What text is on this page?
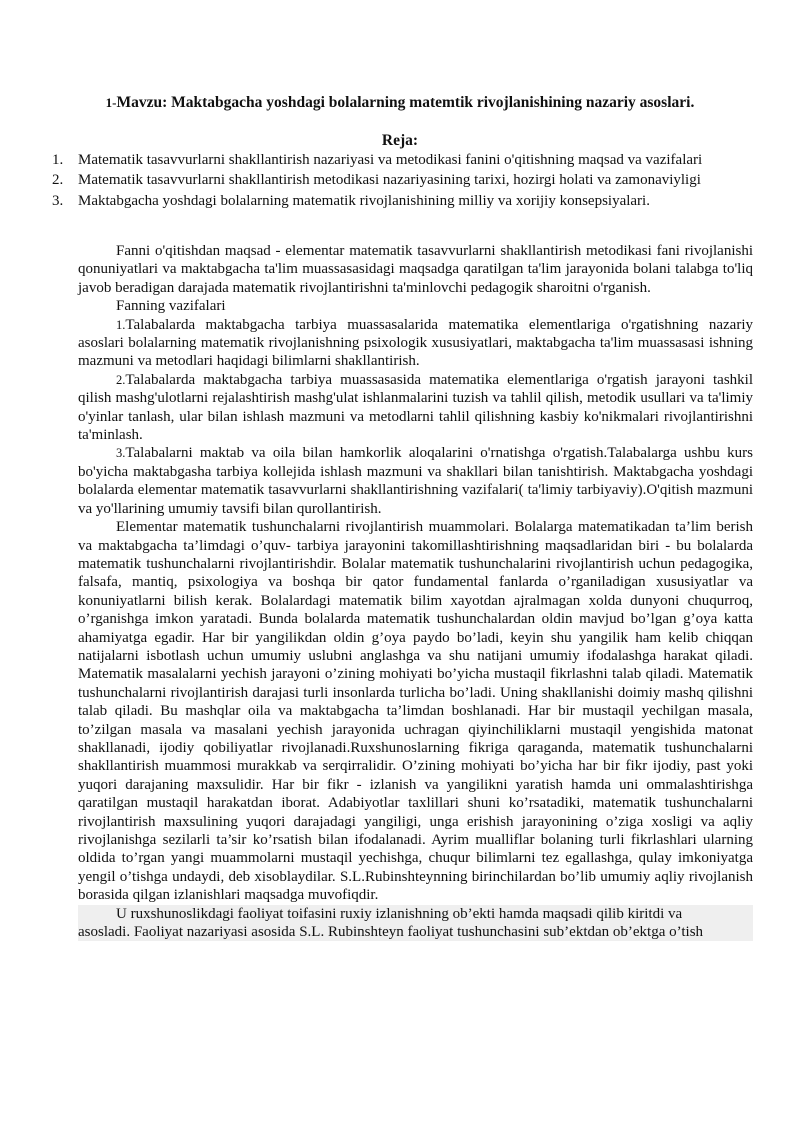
1-Mavzu: Maktabgacha yoshdagi bolalarning matemtik rivojlanishining nazariy asoslari.
Reja:
1. Matematik tasavvurlarni shakllantirish nazariyasi va metodikasi fanini o'qitishning maqsad va vazifalari
2. Matematik tasavvurlarni shakllantirish metodikasi nazariyasining tarixi, hozirgi holati va zamonaviyligi
3. Maktabgacha yoshdagi bolalarning matematik rivojlanishining milliy va xorijiy konsepsiyalari.

Fanni o'qitishdan maqsad - elementar matematik tasavvurlarni shakllantirish metodikasi fani rivojlanishi qonuniyatlari va maktabgacha ta'lim muassasasidagi maqsadga qaratilgan ta'lim jarayonida bolani talabga to'liq javob beradigan darajada matematik rivojlantirishni ta'minlovchi pedagogik sharoitni o'rganish.

Fanning vazifalari

1.Talabalarda maktabgacha tarbiya muassasalarida matematika elementlariga o'rgatishning nazariy asoslari bolalarning matematik rivojlanishning psixologik xususiyatlari, maktabgacha ta'lim muassasasi ishning mazmuni va metodlari haqidagi bilimlarni shakllantirish.

2.Talabalarda maktabgacha tarbiya muassasasida matematika elementlariga o'rgatish jarayoni tashkil qilish mashg'ulotlarni rejalashtirish mashg'ulat ishlanmalarini tuzish va tahlil qilish, metodik usullari va ta'limiy o'yinlar tanlash, ular bilan ishlash mazmuni va metodlarni tahlil qilishning kasbiy ko'nikmalari rivojlantirishni ta'minlash.

3.Talabalarni maktab va oila bilan hamkorlik aloqalarini o'rnatishga o'rgatish.Talabalarga ushbu kurs bo'yicha maktabgasha tarbiya kollejida ishlash mazmuni va shakllari bilan tanishtirish. Maktabgacha yoshdagi bolalarda elementar matematik tasavvurlarni shakllantirishning vazifalari( ta'limiy tarbiyaviy).O'qitish mazmuni va yo'llarining umumiy tavsifi bilan qurollantirish.

Elementar matematik tushunchalarni rivojlantirish muammolari. Bolalarga matematikadan ta’lim berish va maktabgacha ta’limdagi o’quv- tarbiya jarayonini takomillashtirishning maqsadlaridan biri - bu bolalarda matematik tushunchalarni rivojlantirishdir. Bolalar matematik tushunchalarini rivojlantirish uchun pedagogika, falsafa, mantiq, psixologiya va boshqa bir qator fundamental fanlarda o’rganiladigan xususiyatlar va konuniyatlarni bilish kerak. Bolalardagi matematik bilim xayotdan ajralmagan xolda dunyoni chuqurroq, o’rganishga imkon yaratadi. Bunda bolalarda matematik tushunchalardan oldin mavjud bo’lgan g’oya katta ahamiyatga egadir. Har bir yangilikdan oldin g’oya paydo bo’ladi, keyin shu yangilik ham kelib chiqqan natijalarni isbotlash uchun umumiy uslubni anglashga va shu natijani umumiy ifodalashga harakat qiladi. Matematik masalalarni yechish jarayoni o’zining mohiyati bo’yicha mustaqil fikrlashni talab qiladi. Matematik tushunchalarni rivojlantirish darajasi turli insonlarda turlicha bo’ladi. Uning shakllanishi doimiy mashq qilishni talab qiladi. Bu mashqlar oila va maktabgacha ta’limdan boshlanadi. Har bir mustaqil yechilgan masala, to’zilgan masala va masalani yechish jarayonida uchragan qiyinchiliklarni mustaqil yengishida matonat shakllanadi, ijodiy qobiliyatlar rivojlanadi.Ruxshunoslarning fikriga qaraganda, matematik tushunchalarni shakllantirish muammosi murakkab va serqirralidir. O’zining mohiyati bo’yicha har bir fikr ijodiy, past yoki yuqori darajaning maxsulidir. Har bir fikr - izlanish va yangilikni yaratish hamda uni ommalashtirishga qaratilgan mustaqil harakatdan iborat. Adabiyotlar taxlillari shuni ko’rsatadiki, matematik tushunchalarni rivojlantirish maxsulining yuqori darajadagi yangiligi, unga erishish jarayonining o’ziga xosligi va aqliy rivojlanishga sezilarli ta’sir ko’rsatish bilan ifodalanadi. Ayrim mualliflar bolaning turli fikrlashlari ularning oldida to’rgan yangi muammolarni mustaqil yechishga, chuqur bilimlarni tez egallashga, qulay imkoniyatga yengil o’tishga undaydi, deb xisoblaydilar. S.L.Rubinshteynning birinchilardan bo’lib umumiy aqliy rivojlanish borasida qilgan izlanishlari maqsadga muvofiqdir.

U ruxshunoslikdagi faoliyat toifasini ruxiy izlanishning ob’ekti hamda maqsadi qilib kiritdi va

asosladi. Faoliyat nazariyasi asosida S.L. Rubinshteyn faoliyat tushunchasini sub’ektdan ob’ektga o’tish
